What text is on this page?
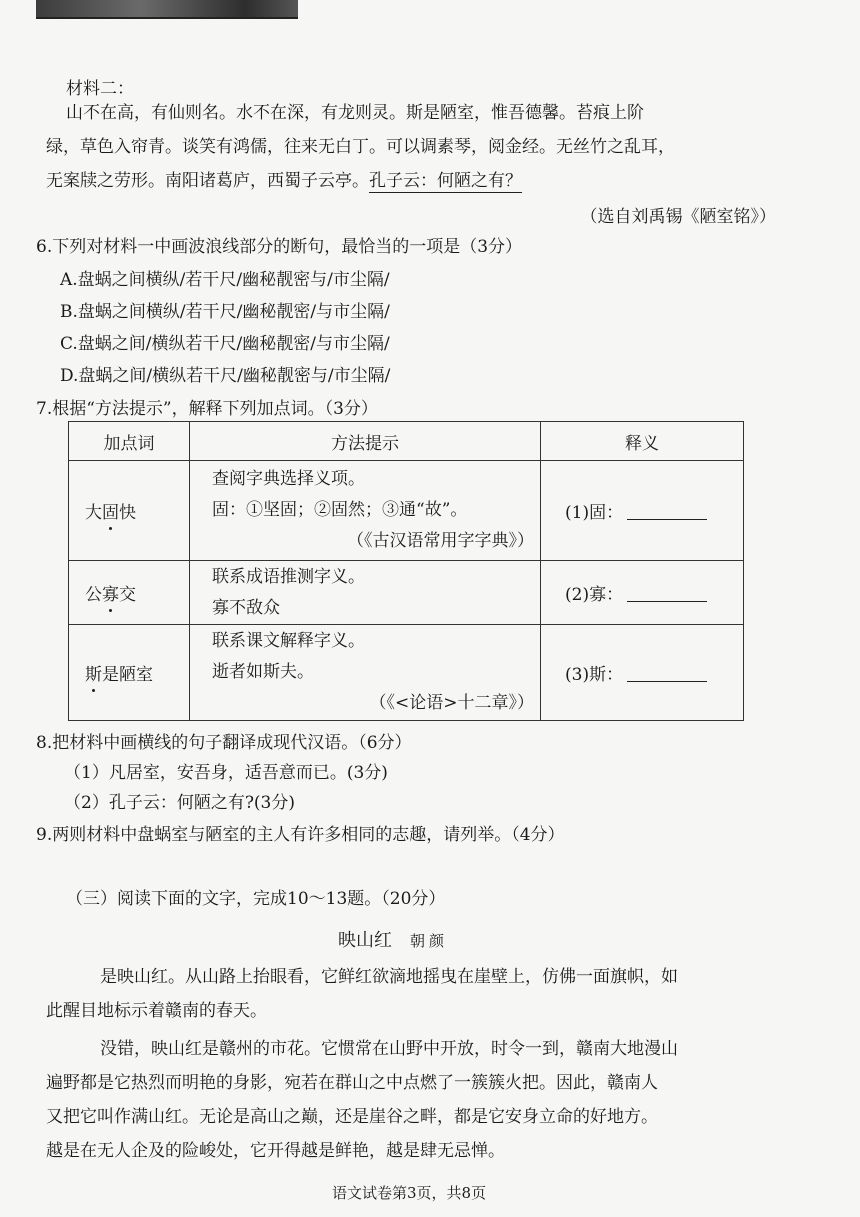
材料二：
山不在高，有仙则名。水不在深，有龙则灵。斯是陋室，惟吾德馨。苔痕上阶
绿，草色入帘青。谈笑有鸿儒，往来无白丁。可以调素琴，阅金经。无丝竹之乱耳，
无案牍之劳形。南阳诸葛庐，西蜀子云亭。孔子云：何陋之有？
（选自刘禹锡《陋室铭》）
6.下列对材料一中画波浪线部分的断句，最恰当的一项是（3分）
A.盘蜗之间横纵/若干尺/幽秘靓密与/市尘隔/
B.盘蜗之间横纵/若干尺/幽秘靓密/与市尘隔/
C.盘蜗之间/横纵若干尺/幽秘靓密/与市尘隔/
D.盘蜗之间/横纵若干尺/幽秘靓密与/市尘隔/
7.根据“方法提示”，解释下列加点词。（3分）
加点词	方法提示	释义
大固快	查阅字典选择义项。
固：①坚固；②固然；③通“故”。
（《古汉语常用字字典》）	(1)固：
公寡交	联系成语推测字义。
寡不敌众	(2)寡：
斯是陋室	联系课文解释字义。
逝者如斯夫。
（《<论语>十二章》）	(3)斯：
8.把材料中画横线的句子翻译成现代汉语。（6分）
（1）凡居室，安吾身，适吾意而已。(3分)
（2）孔子云：何陋之有?(3分)
9.两则材料中盘蜗室与陋室的主人有许多相同的志趣，请列举。（4分）
（三）阅读下面的文字，完成10～13题。（20分）
映山红 朝颜
　　是映山红。从山路上抬眼看，它鲜红欲滴地摇曳在崖壁上，仿佛一面旗帜，如
此醒目地标示着赣南的春天。
　　没错，映山红是赣州的市花。它惯常在山野中开放，时令一到，赣南大地漫山
遍野都是它热烈而明艳的身影，宛若在群山之中点燃了一簇簇火把。因此，赣南人
又把它叫作满山红。无论是高山之巅，还是崖谷之畔，都是它安身立命的好地方。
越是在无人企及的险峻处，它开得越是鲜艳，越是肆无忌惮。
语文试卷第3页，共8页
